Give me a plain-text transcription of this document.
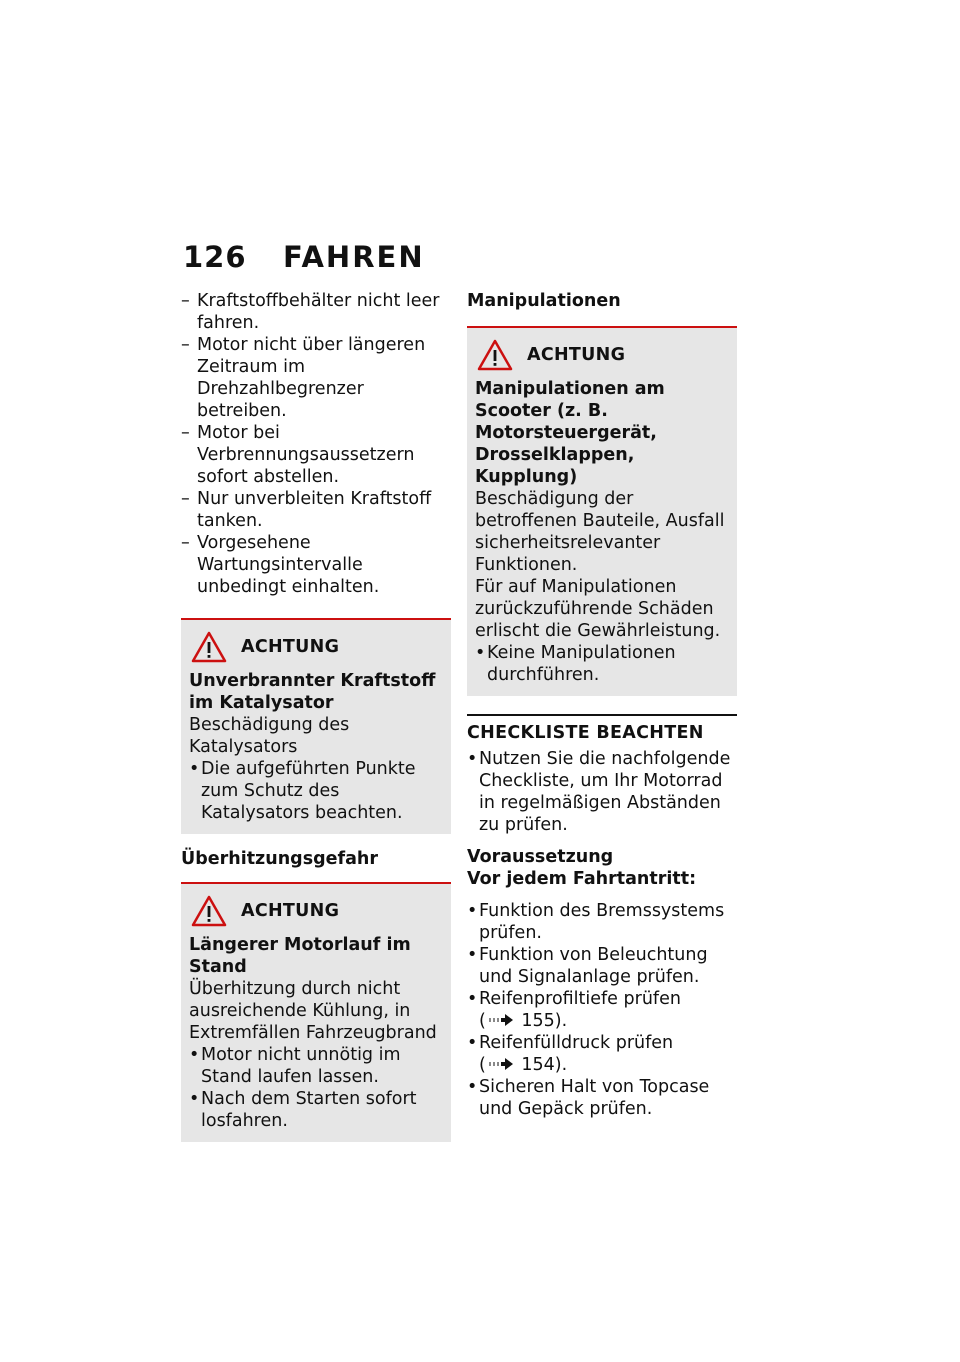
126 FAHREN

– Kraftstoffbehälter nicht leer fahren.

– Motor nicht über längeren Zeitraum im Drehzahlbegrenzer betreiben.

– Motor bei Verbrennungsaussetzern sofort abstellen.

– Nur unverbleiten Kraftstoff tanken.

– Vorgesehene Wartungsintervalle unbedingt einhalten.

ACHTUNG
Unverbrannter Kraftstoff im Katalysator
Beschädigung des Katalysators

• Die aufgeführten Punkte zum Schutz des Katalysators beachten.

Überhitzungsgefahr
ACHTUNG
Längerer Motorlauf im Stand
Überhitzung durch nicht ausreichende Kühlung, in Extremfällen Fahrzeugbrand

• Motor nicht unnötig im Stand laufen lassen.

• Nach dem Starten sofort losfahren.

Manipulationen
ACHTUNG
Manipulationen am Scooter (z. B. Motorsteuergerät, Drosselklappen, Kupplung)
Beschädigung der betroffenen Bauteile, Ausfall sicherheitsrelevanter Funktionen.
Für auf Manipulationen zurückzuführende Schäden erlischt die Gewährleistung.

• Keine Manipulationen durchführen.

CHECKLISTE BEACHTEN

• Nutzen Sie die nachfolgende Checkliste, um Ihr Motorrad in regelmäßigen Abständen zu prüfen.

Voraussetzung
Vor jedem Fahrtantritt:

• Funktion des Bremssystems prüfen.

• Funktion von Beleuchtung und Signalanlage prüfen.

• Reifenprofiltiefe prüfen
( 155).

• Reifenfülldruck prüfen
( 154).

• Sicheren Halt von Topcase und Gepäck prüfen.
